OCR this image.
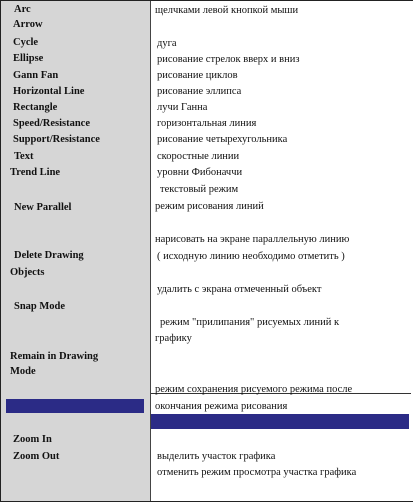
Arc
Arrow
Cycle
Ellipse
Gann Fan
Horizontal Line
Rectangle
Speed/Resistance
Support/Resistance
Text
Trend Line
New Parallel
Delete Drawing
Objects
Snap Mode
Remain in Drawing
Mode
Zoom In
Zoom Out
щелчками левой кнопкой мыши
дуга
рисование стрелок вверх и вниз
рисование циклов
рисование эллипса
лучи Ганна
горизонтальная линия
рисование четырехугольника
скоростные линии
уровни Фибоначчи
текстовый режим
режим рисования линий
нарисовать на экране параллельную линию
( исходную линию необходимо отметить )
удалить с экрана отмеченный объект
режим "прилипания" рисуемых линий к
графику
режим сохранения рисуемого режима после
окончания режима рисования
выделить участок графика
отменить режим просмотра участка графика
